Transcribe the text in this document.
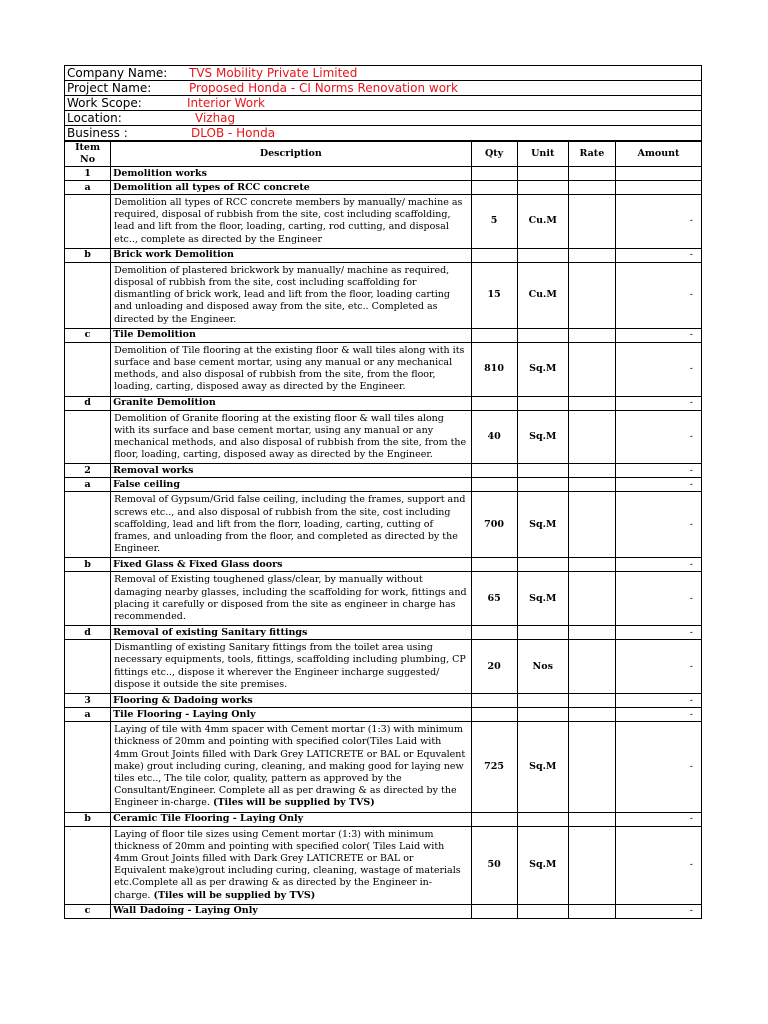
Company Name:	TVS Mobility Private Limited
Project Name:	Proposed Honda - CI Norms Renovation work
Work Scope:	Interior Work
Location:	Vizhag
Business :	DLOB - Honda
Item No	Description	Qty	Unit	Rate	Amount
1	Demolition works				
a	Demolition all types of RCC concrete				
	Demolition all types of RCC concrete members by manually/ machine as required, disposal of rubbish from the site, cost including scaffolding, lead and lift from the floor, loading, carting, rod cutting, and disposal etc.., complete as directed by the Engineer	5	Cu.M		-
b	Brick work Demolition				-
	Demolition of plastered brickwork by manually/ machine as required, disposal of rubbish from the site, cost including scaffolding for dismantling of brick work, lead and lift from the floor, loading carting and unloading and disposed away from the site, etc.. Completed as directed by the Engineer.	15	Cu.M		-
c	Tile Demolition				-
	Demolition of Tile flooring at the existing floor & wall tiles along with its surface and base cement mortar, using any manual or any mechanical methods, and also disposal of rubbish from the site, from the floor, loading, carting, disposed away as directed by the Engineer.	810	Sq.M		-
d	Granite Demolition				-
	Demolition of Granite flooring at the existing floor & wall tiles along with its surface and base cement mortar, using any manual or any mechanical methods, and also disposal of rubbish from the site, from the floor, loading, carting, disposed away as directed by the Engineer.	40	Sq.M		-
2	Removal works				-
a	False ceiling				-
	Removal of Gypsum/Grid false ceiling, including the frames, support and screws etc.., and also disposal of rubbish from the site, cost including scaffolding, lead and lift from the florr, loading, carting, cutting of frames, and unloading from the floor, and completed as directed by the Engineer.	700	Sq.M		-
b	Fixed Glass & Fixed Glass doors				-
	Removal of Existing toughened glass/clear, by manually without damaging nearby glasses, including the scaffolding for work, fittings and placing it carefully or disposed from the site as engineer in charge has recommended.	65	Sq.M		-
d	Removal of existing Sanitary fittings				-
	Dismantling of existing Sanitary fittings from the toilet area using necessary equipments, tools, fittings, scaffolding including plumbing, CP fittings etc.., dispose it wherever the Engineer incharge suggested/ dispose it outside the site premises.	20	Nos		-
3	Flooring & Dadoing works				-
a	Tile Flooring - Laying Only				-
	Laying of tile with 4mm spacer with Cement mortar (1:3) with minimum thickness of 20mm and pointing with specified color(Tiles Laid with 4mm Grout Joints filled with Dark Grey LATICRETE or BAL or Equvalent make) grout including curing, cleaning, and making good for laying new tiles etc.., The tile color, quality, pattern as approved by the Consultant/Engineer. Complete all as per drawing & as directed by the Engineer in-charge. (Tiles will be supplied by TVS)	725	Sq.M		-
b	Ceramic Tile Flooring - Laying Only				-
	Laying of floor tile sizes using Cement mortar (1:3) with minimum thickness of 20mm and pointing with specified color( Tiles Laid with 4mm Grout Joints filled with Dark Grey LATICRETE or BAL or Equivalent make)grout including curing, cleaning, wastage of materials etc.Complete all as per drawing & as directed by the Engineer in-charge. (Tiles will be supplied by TVS)	50	Sq.M		-
c	Wall Dadoing - Laying Only				-
